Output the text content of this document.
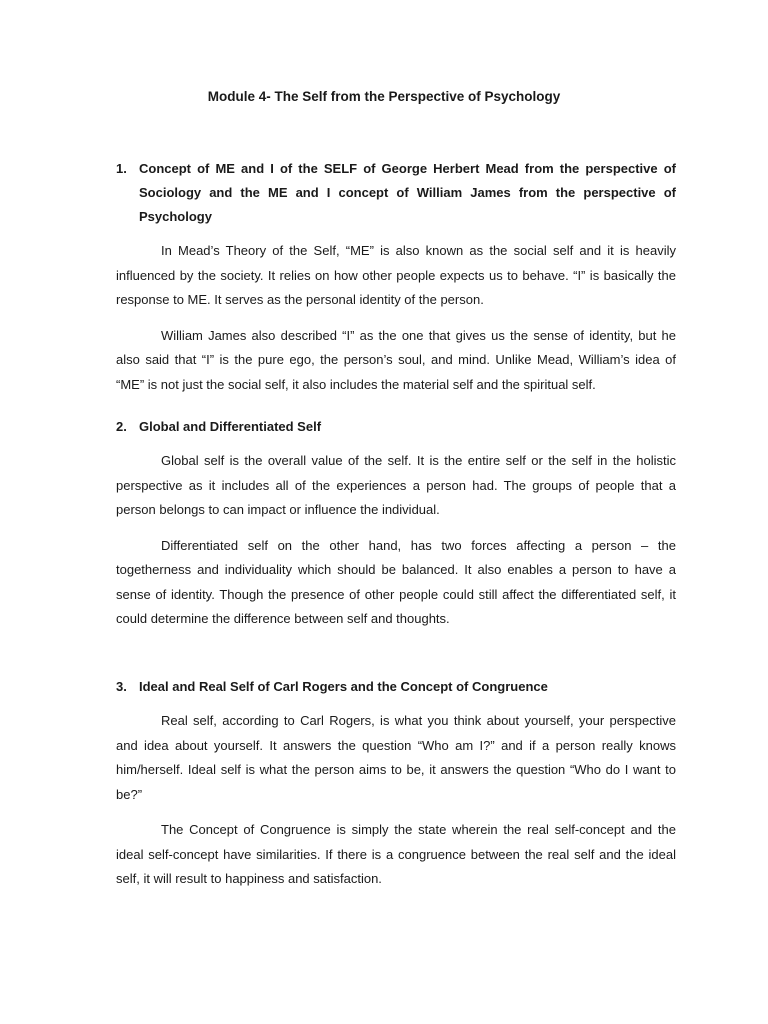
Module 4- The Self from the Perspective of Psychology
1. Concept of ME and I of the SELF of George Herbert Mead from the perspective of Sociology and the ME and I concept of William James from the perspective of Psychology

In Mead’s Theory of the Self, “ME” is also known as the social self and it is heavily influenced by the society. It relies on how other people expects us to behave. “I” is basically the response to ME. It serves as the personal identity of the person.

William James also described “I” as the one that gives us the sense of identity, but he also said that “I” is the pure ego, the person’s soul, and mind. Unlike Mead, William’s idea of “ME” is not just the social self, it also includes the material self and the spiritual self.

2. Global and Differentiated Self

Global self is the overall value of the self. It is the entire self or the self in the holistic perspective as it includes all of the experiences a person had. The groups of people that a person belongs to can impact or influence the individual.

Differentiated self on the other hand, has two forces affecting a person – the togetherness and individuality which should be balanced. It also enables a person to have a sense of identity. Though the presence of other people could still affect the differentiated self, it could determine the difference between self and thoughts.

3. Ideal and Real Self of Carl Rogers and the Concept of Congruence

Real self, according to Carl Rogers, is what you think about yourself, your perspective and idea about yourself. It answers the question “Who am I?” and if a person really knows him/herself. Ideal self is what the person aims to be, it answers the question “Who do I want to be?”

The Concept of Congruence is simply the state wherein the real self-concept and the ideal self-concept have similarities. If there is a congruence between the real self and the ideal self, it will result to happiness and satisfaction.
